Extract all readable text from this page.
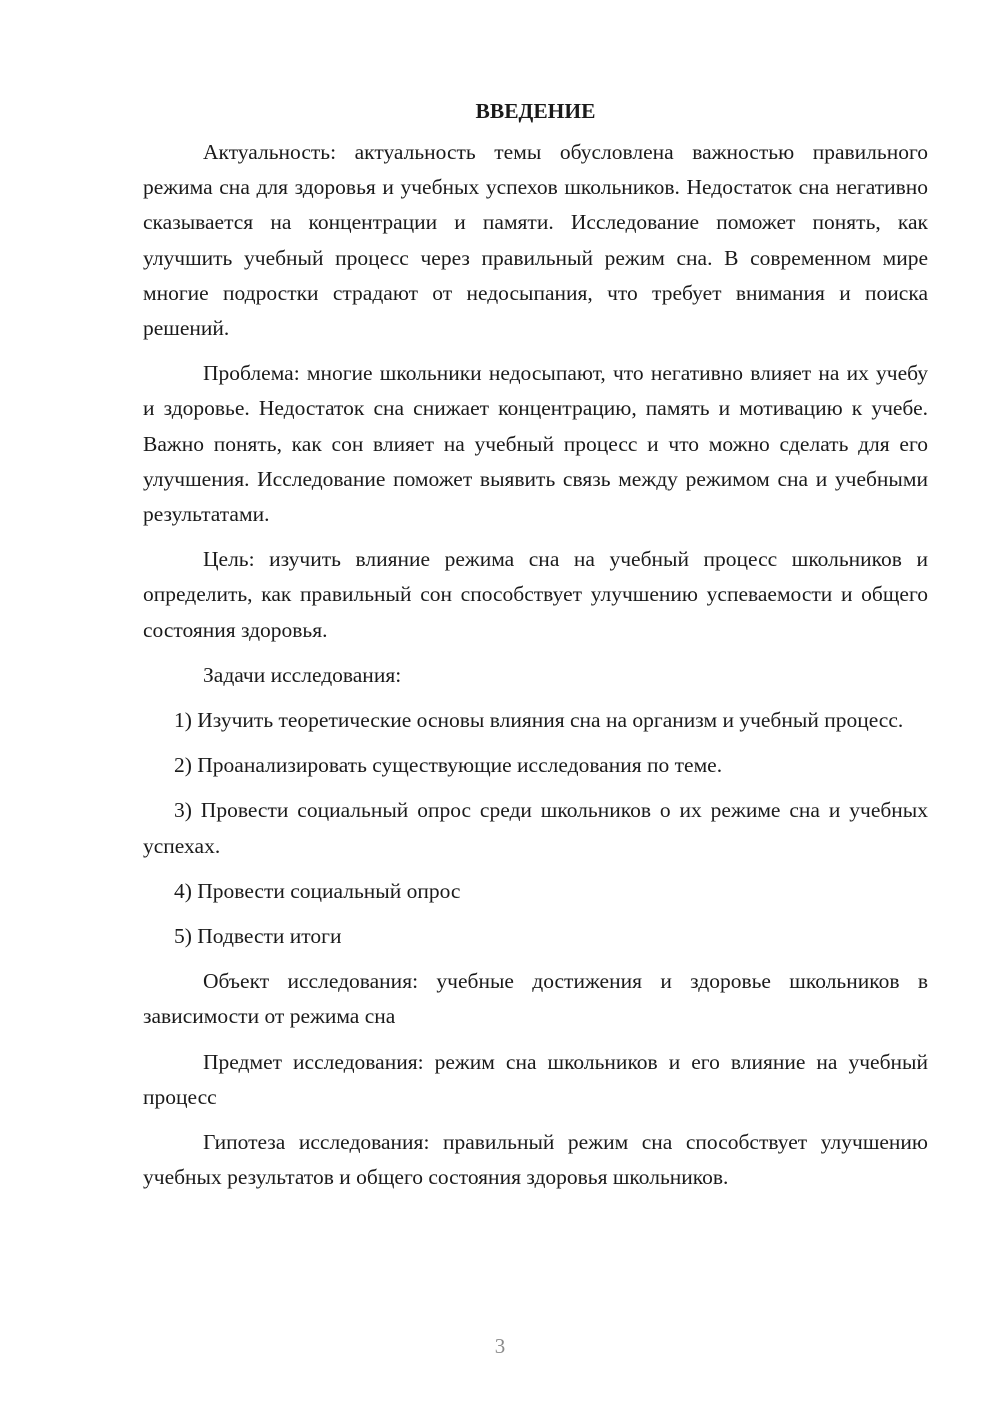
ВВЕДЕНИЕ

Актуальность: актуальность темы обусловлена важностью правильного режима сна для здоровья и учебных успехов школьников. Недостаток сна негативно сказывается на концентрации и памяти. Исследование поможет понять, как улучшить учебный процесс через правильный режим сна. В современном мире многие подростки страдают от недосыпания, что требует внимания и поиска решений.

Проблема: многие школьники недосыпают, что негативно влияет на их учебу и здоровье. Недостаток сна снижает концентрацию, память и мотивацию к учебе. Важно понять, как сон влияет на учебный процесс и что можно сделать для его улучшения. Исследование поможет выявить связь между режимом сна и учебными результатами.

Цель: изучить влияние режима сна на учебный процесс школьников и определить, как правильный сон способствует улучшению успеваемости и общего состояния здоровья.

Задачи исследования:

1) Изучить теоретические основы влияния сна на организм и учебный процесс.

2) Проанализировать существующие исследования по теме.

3) Провести социальный опрос среди школьников о их режиме сна и учебных успехах.

4) Провести социальный опрос

5) Подвести итоги

Объект исследования: учебные достижения и здоровье школьников в зависимости от режима сна

Предмет исследования: режим сна школьников и его влияние на учебный процесс

Гипотеза исследования: правильный режим сна способствует улучшению учебных результатов и общего состояния здоровья школьников.

3
